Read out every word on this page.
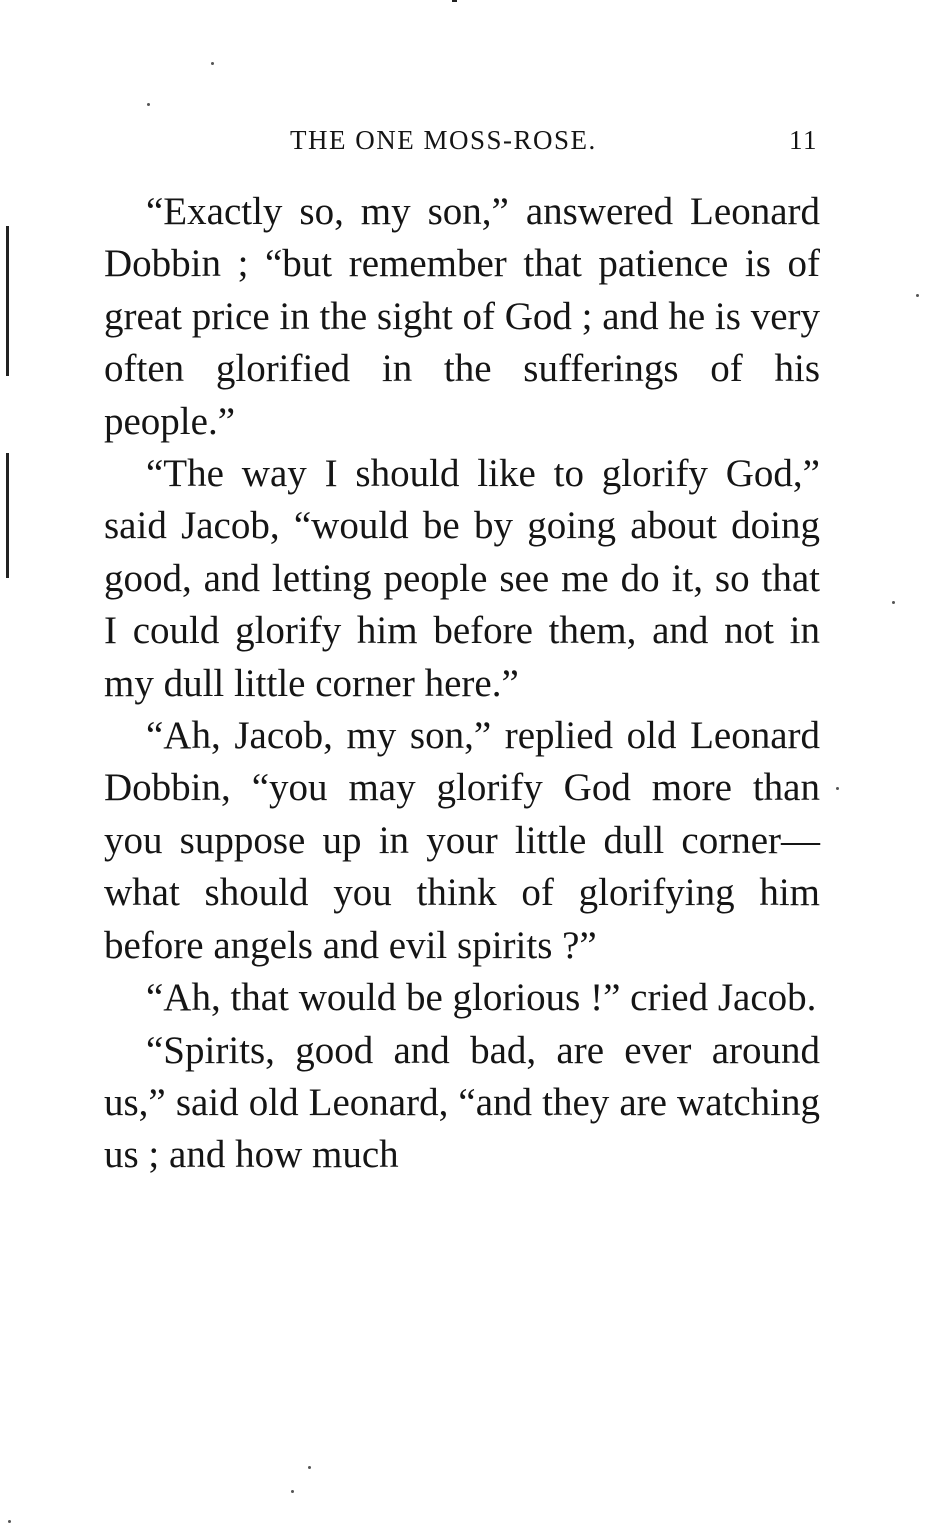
THE ONE MOSS-ROSE.	11

“Exactly so, my son,” answered Leonard Dobbin ; “but remember that patience is of great price in the sight of God ; and he is very often glorified in the sufferings of his people.”

“The way I should like to glorify God,” said Jacob, “would be by going about doing good, and letting people see me do it, so that I could glorify him before them, and not in my dull little corner here.”

“Ah, Jacob, my son,” replied old Leonard Dobbin, “you may glorify God more than you suppose up in your little dull corner—what should you think of glorifying him before angels and evil spirits ?”

“Ah, that would be glorious !” cried Jacob.

“Spirits, good and bad, are ever around us,” said old Leonard, “and they are watching us ; and how much
